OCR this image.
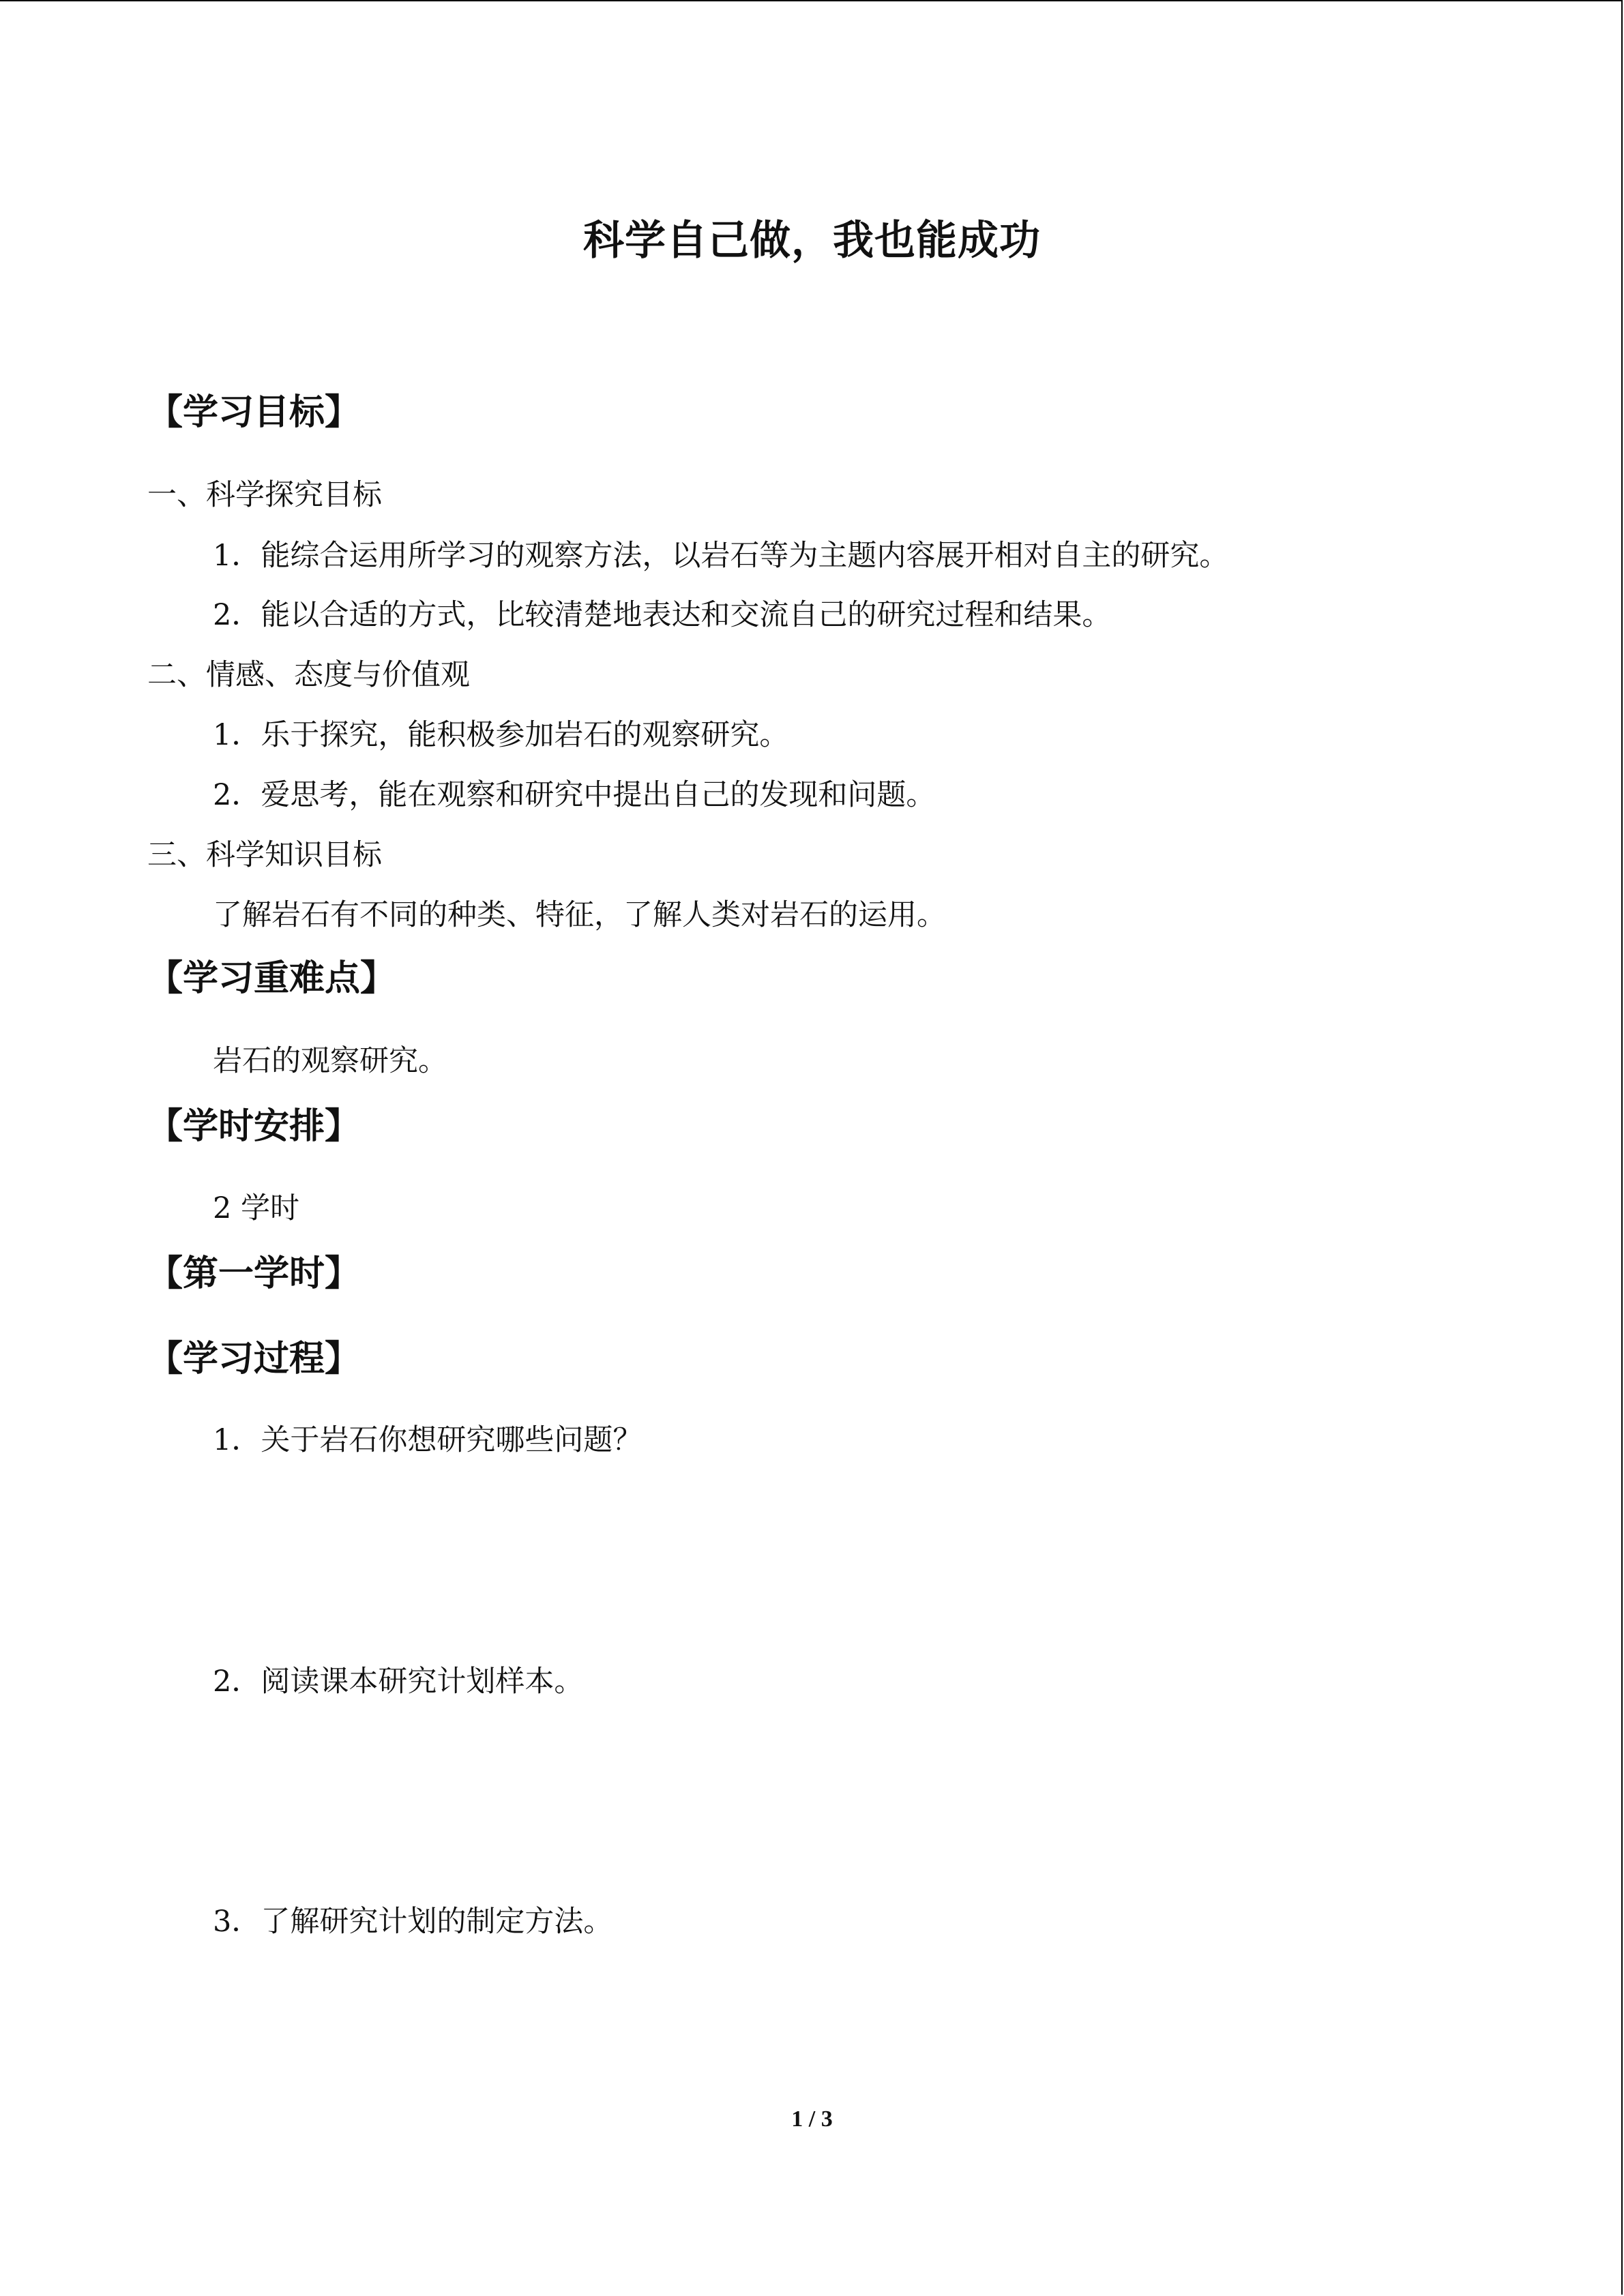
科学自己做，我也能成功
【学习目标】
一、科学探究目标
1．能综合运用所学习的观察方法，以岩石等为主题内容展开相对自主的研究。
2．能以合适的方式，比较清楚地表达和交流自己的研究过程和结果。
二、情感、态度与价值观
1．乐于探究，能积极参加岩石的观察研究。
2．爱思考，能在观察和研究中提出自己的发现和问题。
三、科学知识目标
了解岩石有不同的种类、特征，了解人类对岩石的运用。
【学习重难点】
岩石的观察研究。
【学时安排】
2 学时
【第一学时】
【学习过程】
1．关于岩石你想研究哪些问题？
2．阅读课本研究计划样本。
3．了解研究计划的制定方法。
1 / 3
